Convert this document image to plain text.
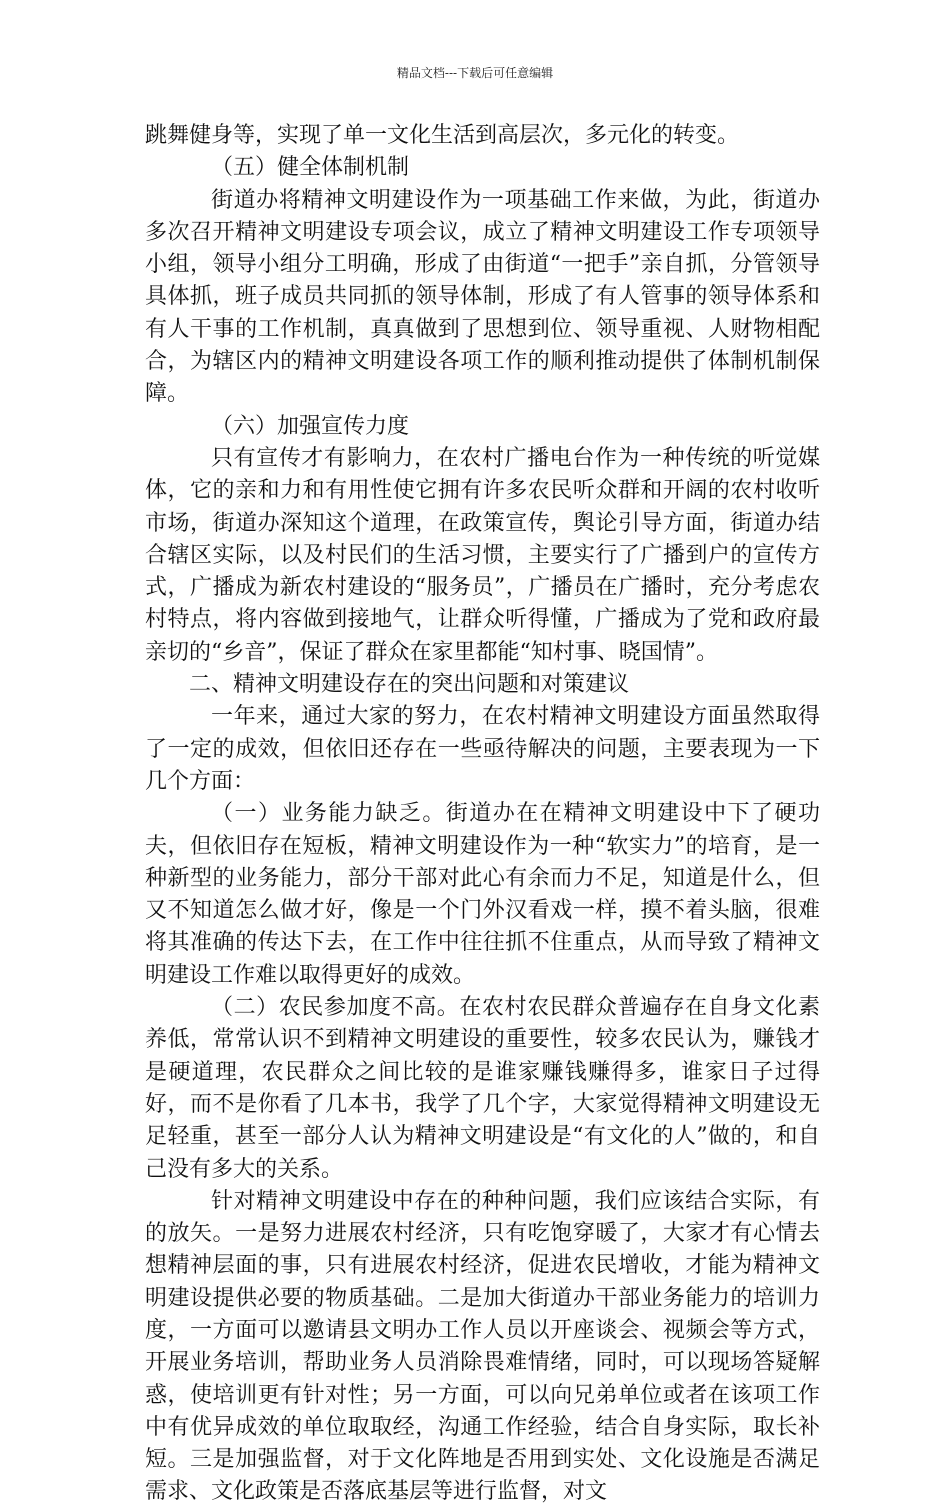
精品文档---下载后可任意编辑

跳舞健身等，实现了单一文化生活到高层次，多元化的转变。

（五）健全体制机制

街道办将精神文明建设作为一项基础工作来做，为此，街道办多次召开精神文明建设专项会议，成立了精神文明建设工作专项领导小组，领导小组分工明确，形成了由街道“一把手”亲自抓，分管领导具体抓，班子成员共同抓的领导体制，形成了有人管事的领导体系和有人干事的工作机制，真真做到了思想到位、领导重视、人财物相配合，为辖区内的精神文明建设各项工作的顺利推动提供了体制机制保障。

（六）加强宣传力度

只有宣传才有影响力，在农村广播电台作为一种传统的听觉媒体，它的亲和力和有用性使它拥有许多农民听众群和开阔的农村收听市场，街道办深知这个道理，在政策宣传，舆论引导方面，街道办结合辖区实际，以及村民们的生活习惯，主要实行了广播到户的宣传方式，广播成为新农村建设的“服务员”，广播员在广播时，充分考虑农村特点，将内容做到接地气，让群众听得懂，广播成为了党和政府最亲切的“乡音”，保证了群众在家里都能“知村事、晓国情”。

二、精神文明建设存在的突出问题和对策建议

一年来，通过大家的努力，在农村精神文明建设方面虽然取得了一定的成效，但依旧还存在一些亟待解决的问题，主要表现为一下几个方面：

（一）业务能力缺乏。街道办在在精神文明建设中下了硬功夫，但依旧存在短板，精神文明建设作为一种“软实力”的培育，是一种新型的业务能力，部分干部对此心有余而力不足，知道是什么，但又不知道怎么做才好，像是一个门外汉看戏一样，摸不着头脑，很难将其准确的传达下去，在工作中往往抓不住重点，从而导致了精神文明建设工作难以取得更好的成效。

（二）农民参加度不高。在农村农民群众普遍存在自身文化素养低，常常认识不到精神文明建设的重要性，较多农民认为，赚钱才是硬道理，农民群众之间比较的是谁家赚钱赚得多，谁家日子过得好，而不是你看了几本书，我学了几个字，大家觉得精神文明建设无足轻重，甚至一部分人认为精神文明建设是“有文化的人”做的，和自己没有多大的关系。

针对精神文明建设中存在的种种问题，我们应该结合实际，有的放矢。一是努力进展农村经济，只有吃饱穿暖了，大家才有心情去想精神层面的事，只有进展农村经济，促进农民增收，才能为精神文明建设提供必要的物质基础。二是加大街道办干部业务能力的培训力度，一方面可以邀请县文明办工作人员以开座谈会、视频会等方式，开展业务培训，帮助业务人员消除畏难情绪，同时，可以现场答疑解惑，使培训更有针对性；另一方面，可以向兄弟单位或者在该项工作中有优异成效的单位取取经，沟通工作经验，结合自身实际，取长补短。三是加强监督，对于文化阵地是否用到实处、文化设施是否满足需求、文化政策是否落底基层等进行监督，对文
